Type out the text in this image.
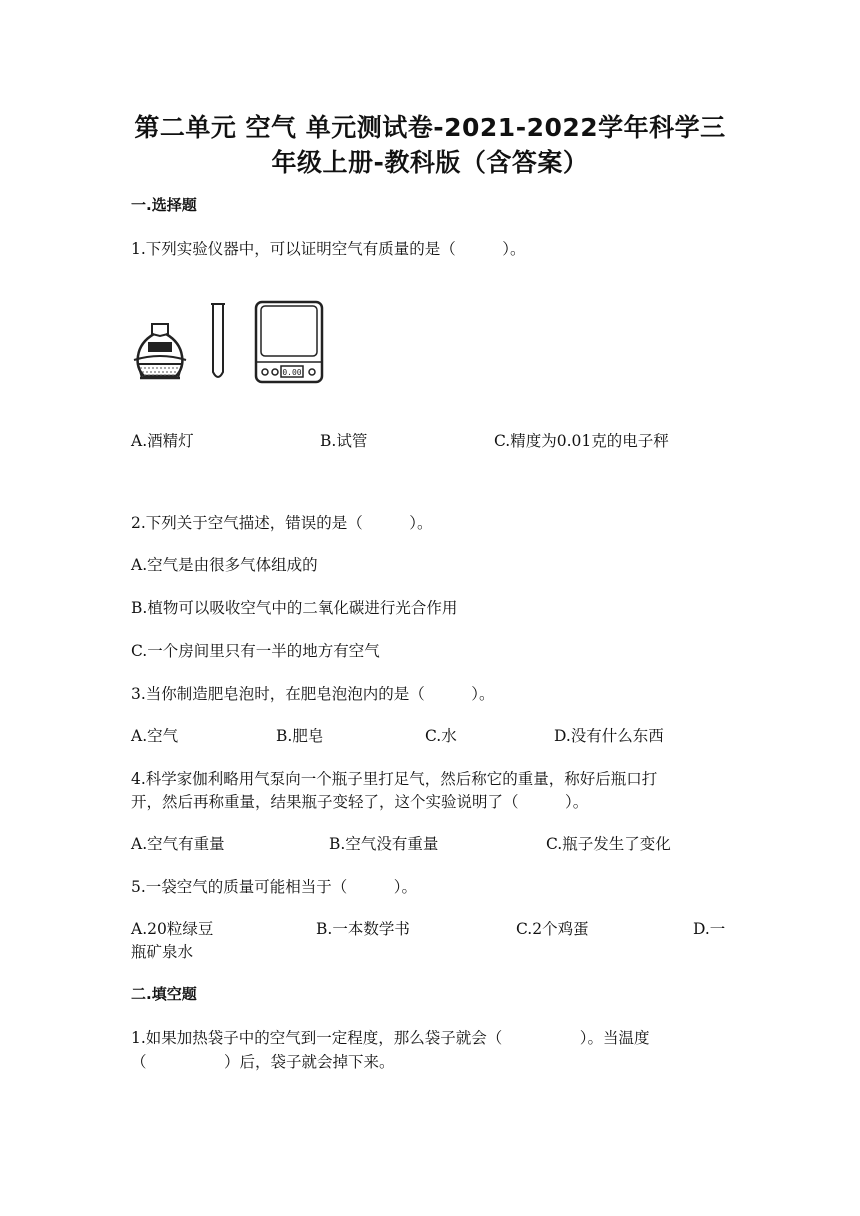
第二单元 空气 单元测试卷-2021-2022学年科学三
年级上册-教科版（含答案）
一.选择题
1.下列实验仪器中，可以证明空气有质量的是（　　　）。
0.00
A.酒精灯	B.试管	C.精度为0.01克的电子秤
2.下列关于空气描述，错误的是（　　　）。
A.空气是由很多气体组成的
B.植物可以吸收空气中的二氧化碳进行光合作用
C.一个房间里只有一半的地方有空气
3.当你制造肥皂泡时，在肥皂泡泡内的是（　　　）。
A.空气	B.肥皂	C.水	D.没有什么东西
4.科学家伽利略用气泵向一个瓶子里打足气，然后称它的重量，称好后瓶口打
开，然后再称重量，结果瓶子变轻了，这个实验说明了（　　　）。
A.空气有重量	B.空气没有重量	C.瓶子发生了变化
5.一袋空气的质量可能相当于（　　　）。
A.20粒绿豆	B.一本数学书	C.2个鸡蛋	D.一
瓶矿泉水
二.填空题
1.如果加热袋子中的空气到一定程度，那么袋子就会（　　　　　）。当温度
（　　　　　）后，袋子就会掉下来。
